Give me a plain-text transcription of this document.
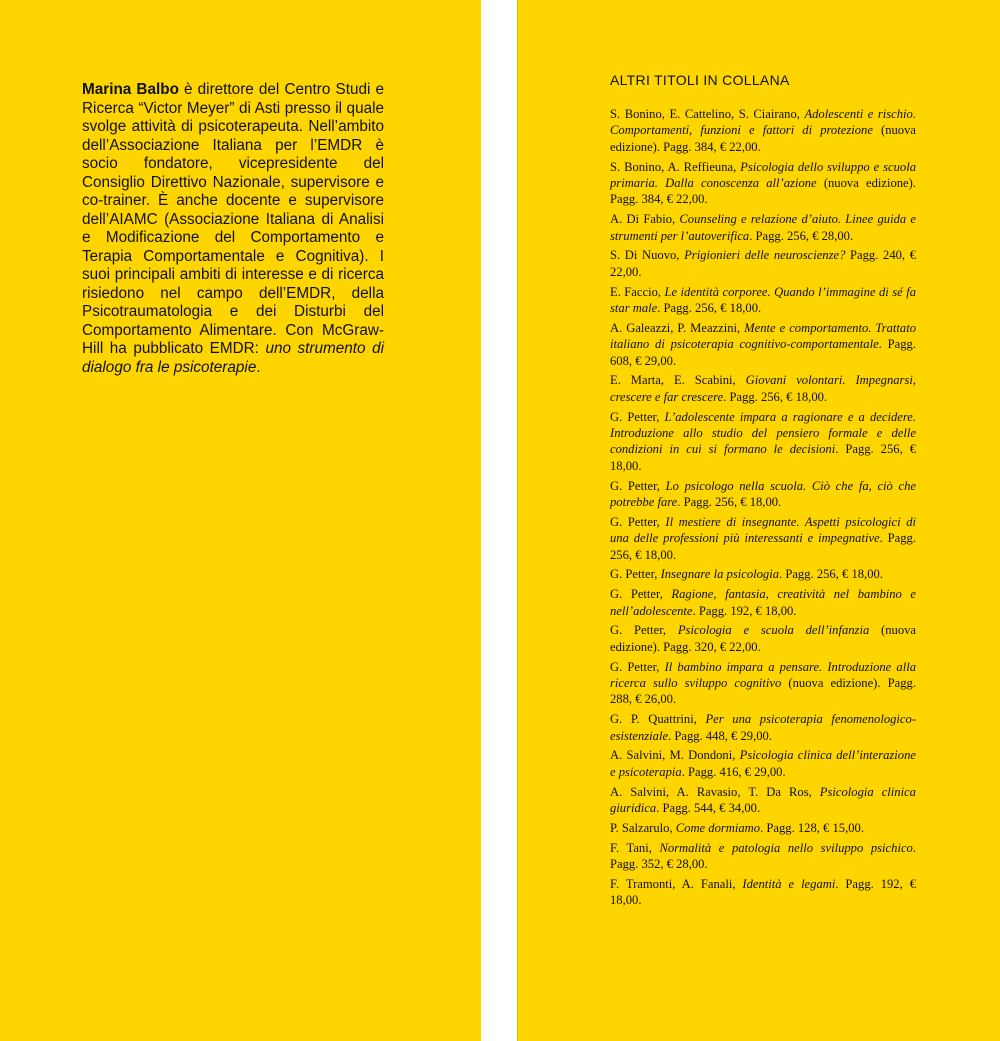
Marina Balbo è direttore del Centro Studi e Ricerca “Victor Meyer” di Asti presso il quale svolge attività di psicoterapeuta. Nell’ambito dell’Associazione Italiana per l’EMDR è socio fondatore, vicepresidente del Consiglio Direttivo Nazionale, supervisore e co-trainer. È anche docente e supervisore dell’AIAMC (Associazione Italiana di Analisi e Modificazione del Comportamento e Terapia Comportamentale e Cognitiva). I suoi principali ambiti di interesse e di ricerca risiedono nel campo dell’EMDR, della Psicotraumatologia e dei Disturbi del Comportamento Alimentare. Con McGraw-Hill ha pubblicato EMDR: uno strumento di dialogo fra le psicoterapie.

ALTRI TITOLI IN COLLANA
S. Bonino, E. Cattelino, S. Ciairano, Adolescenti e rischio. Comportamenti, funzioni e fattori di protezione (nuova edizione). Pagg. 384, € 22,00.
S. Bonino, A. Reffieuna, Psicologia dello sviluppo e scuola primaria. Dalla conoscenza all’azione (nuova edizione). Pagg. 384, € 22,00.
A. Di Fabio, Counseling e relazione d’aiuto. Linee guida e strumenti per l’autoverifica. Pagg. 256, € 28,00.
S. Di Nuovo, Prigionieri delle neuroscienze? Pagg. 240, € 22,00.
E. Faccio, Le identità corporee. Quando l’immagine di sé fa star male. Pagg. 256, € 18,00.
A. Galeazzi, P. Meazzini, Mente e comportamento. Trattato italiano di psicoterapia cognitivo-comportamentale. Pagg. 608, € 29,00.
E. Marta, E. Scabini, Giovani volontari. Impegnarsi, crescere e far crescere. Pagg. 256, € 18,00.
G. Petter, L’adolescente impara a ragionare e a decidere. Introduzione allo studio del pensiero formale e delle condizioni in cui si formano le decisioni. Pagg. 256, € 18,00.
G. Petter, Lo psicologo nella scuola. Ciò che fa, ciò che potrebbe fare. Pagg. 256, € 18,00.
G. Petter, Il mestiere di insegnante. Aspetti psicologici di una delle professioni più interessanti e impegnative. Pagg. 256, € 18,00.
G. Petter, Insegnare la psicologia. Pagg. 256, € 18,00.
G. Petter, Ragione, fantasia, creatività nel bambino e nell’adolescente. Pagg. 192, € 18,00.
G. Petter, Psicologia e scuola dell’infanzia (nuova edizione). Pagg. 320, € 22,00.
G. Petter, Il bambino impara a pensare. Introduzione alla ricerca sullo sviluppo cognitivo (nuova edizione). Pagg. 288, € 26,00.
G. P. Quattrini, Per una psicoterapia fenomenologico-esistenziale. Pagg. 448, € 29,00.
A. Salvini, M. Dondoni, Psicologia clinica dell’interazione e psicoterapia. Pagg. 416, € 29,00.
A. Salvini, A. Ravasio, T. Da Ros, Psicologia clinica giuridica. Pagg. 544, € 34,00.
P. Salzarulo, Come dormiamo. Pagg. 128, € 15,00.
F. Tani, Normalità e patologia nello sviluppo psichico. Pagg. 352, € 28,00.
F. Tramonti, A. Fanali, Identità e legami. Pagg. 192, € 18,00.
